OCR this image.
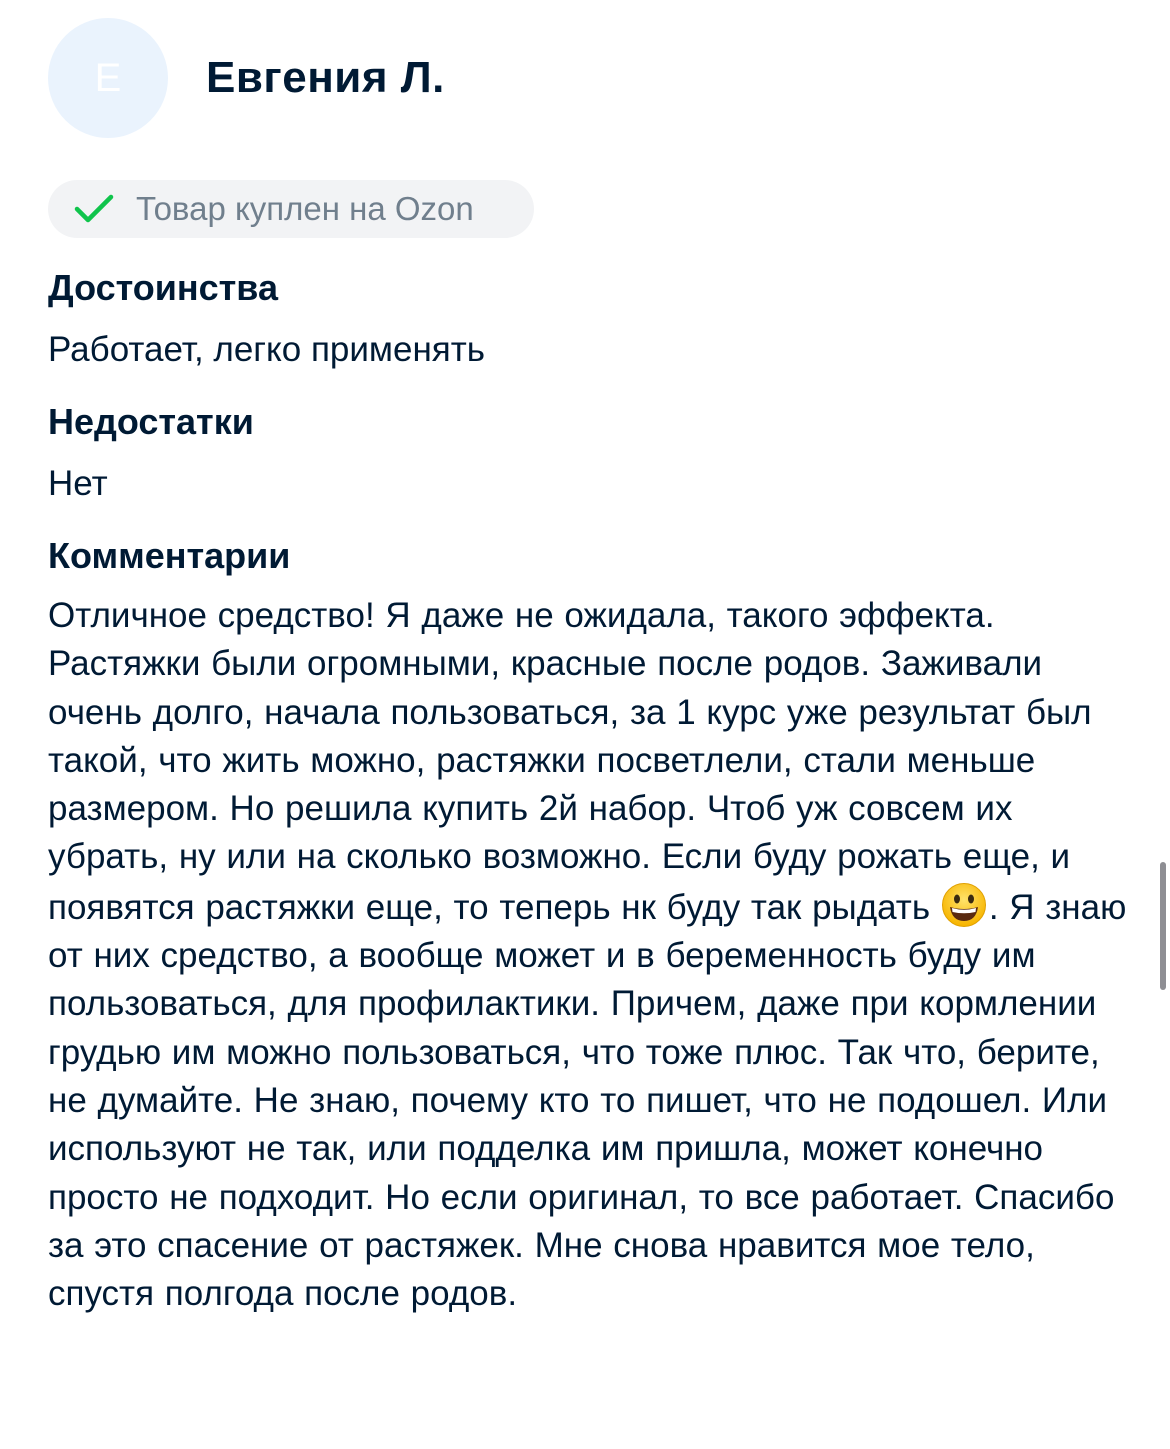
E Евгения Л.
Товар куплен на Ozon
Достоинства
Работает, легко применять
Недостатки
Нет
Комментарии
Отличное средство! Я даже не ожидала, такого эффекта. Растяжки были огромными, красные после родов. Заживали очень долго, начала пользоваться, за 1 курс уже результат был такой, что жить можно, растяжки посветлели, стали меньше размером. Но решила купить 2й набор. Чтоб уж совсем их убрать, ну или на сколько возможно. Если буду рожать еще, и появятся растяжки еще, то теперь нк буду так рыдать . Я знаю от них средство, а вообще может и в беременность буду им пользоваться, для профилактики. Причем, даже при кормлении грудью им можно пользоваться, что тоже плюс. Так что, берите, не думайте. Не знаю, почему кто то пишет, что не подошел. Или используют не так, или подделка им пришла, может конечно просто не подходит. Но если оригинал, то все работает. Спасибо за это спасение от растяжек. Мне снова нравится мое тело, спустя полгода после родов.
